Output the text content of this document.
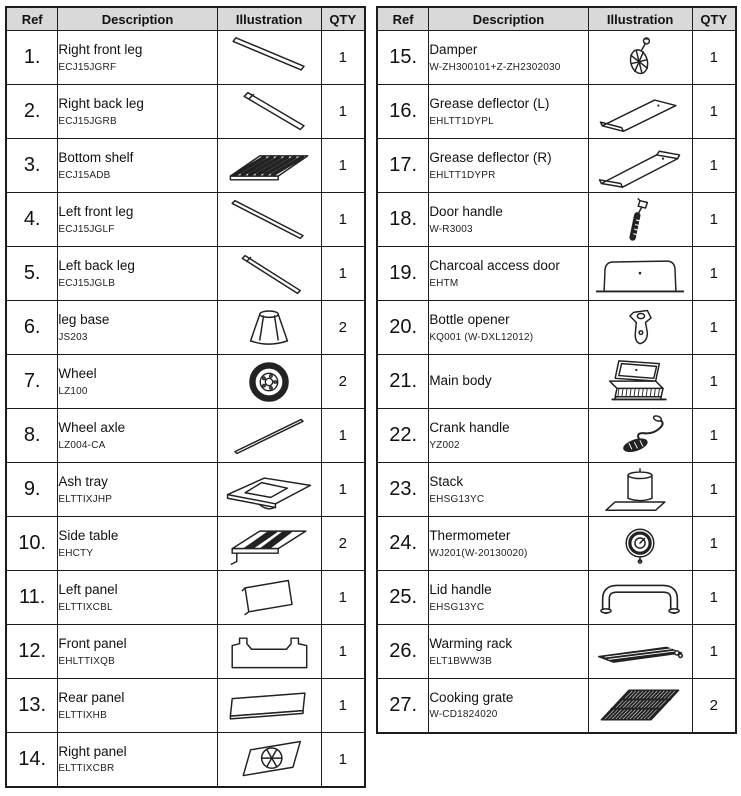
Ref	Description	Illustration	QTY
1.	Right front leg
ECJ15JGRF		1
2.	Right back leg
ECJ15JGRB		1
3.	Bottom shelf
ECJ15ADB		1
4.	Left front leg
ECJ15JGLF		1
5.	Left back leg
ECJ15JGLB		1
6.	leg base
JS203		2
7.	Wheel
LZ100		2
8.	Wheel axle
LZ004-CA		1
9.	Ash tray
ELTTIXJHP		1
10.	Side table
EHCTY		2
11.	Left panel
ELTTIXCBL		1
12.	Front panel
EHLTTIXQB		1
13.	Rear panel
ELTTIXHB		1
14.	Right panel
ELTTIXCBR		1
Ref	Description	Illustration	QTY
15.	Damper
W-ZH300101+Z-ZH2302030		1
16.	Grease deflector (L)
EHLTT1DYPL		1
17.	Grease deflector (R)
EHLTT1DYPR		1
18.	Door handle
W-R3003		1
19.	Charcoal access door
EHTM		1
20.	Bottle opener
KQ001 (W-DXL12012)		1
21.	Main body		1
22.	Crank handle
YZ002		1
23.	Stack
EHSG13YC		1
24.	Thermometer
WJ201(W-20130020)		1
25.	Lid handle
EHSG13YC		1
26.	Warming rack
ELT1BWW3B		1
27.	Cooking grate
W-CD1824020		2
